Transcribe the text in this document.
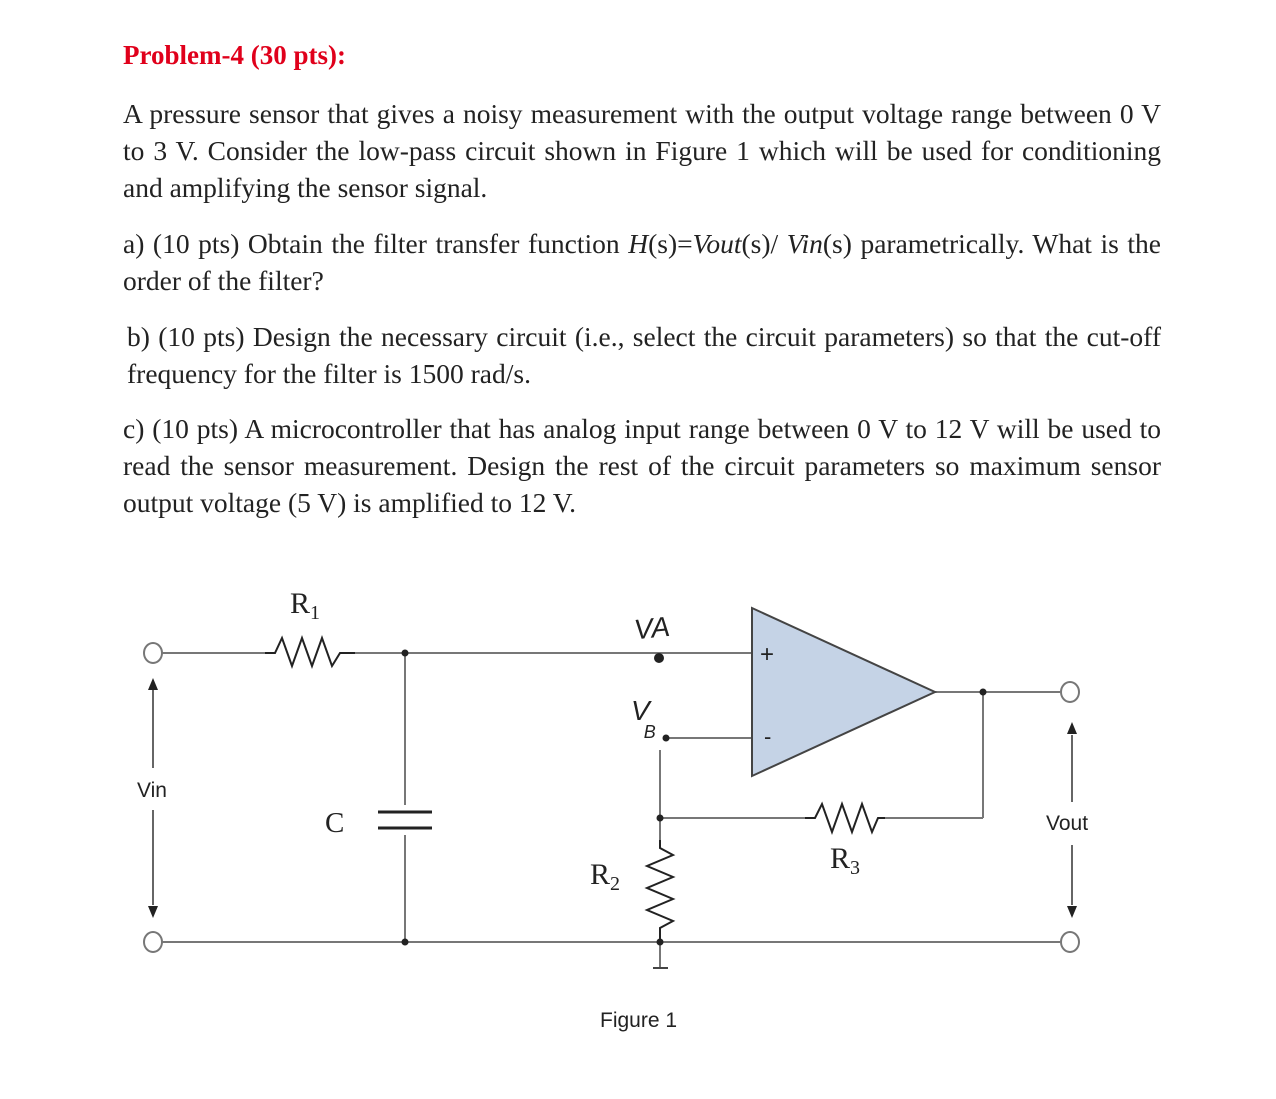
Problem-4 (30 pts):
A pressure sensor that gives a noisy measurement with the output voltage range between 0 V to 3 V. Consider the low-pass circuit shown in Figure 1 which will be used for conditioning and amplifying the sensor signal.
a) (10 pts) Obtain the filter transfer function H(s)=Vout(s)/ Vin(s) parametrically. What is the order of the filter?
b) (10 pts) Design the necessary circuit (i.e., select the circuit parameters) so that the cut-off frequency for the filter is 1500 rad/s.
c) (10 pts) A microcontroller that has analog input range between 0 V to 12 V will be used to read the sensor measurement. Design the rest of the circuit parameters so maximum sensor output voltage (5 V) is amplified to 12 V.
+
-
$R_1$
C
$R_2$
$R_3$
VA
V B
Vin
Vout
Figure 1
